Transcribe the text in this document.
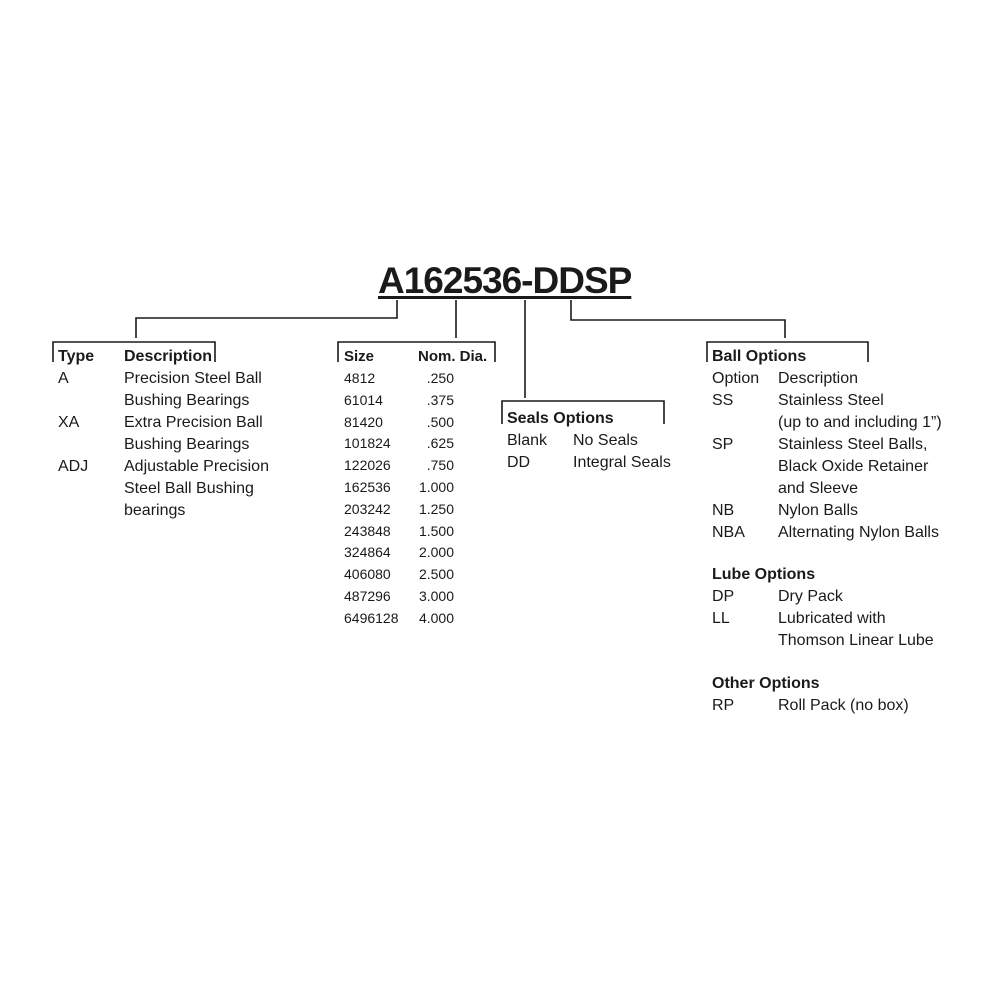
A162536-DDSP
Type Description
A	Precision Steel Ball
Bushing Bearings
XA	Extra Precision Ball
Bushing Bearings
ADJ	Adjustable Precision
Steel Ball Bushing
bearings
Size	Nom. Dia.
4812	.250
61014	.375
81420	.500
101824	.625
122026	.750
162536	1.000
203242	1.250
243848	1.500
324864	2.000
406080	2.500
487296	3.000
6496128	4.000
Seals Options
Blank	No Seals
DD	Integral Seals
Ball Options
Option	Description
SS	Stainless Steel
(up to and including 1”)
SP	Stainless Steel Balls,
Black Oxide Retainer
and Sleeve
NB	Nylon Balls
NBA	Alternating Nylon Balls
Lube Options
DP	Dry Pack
LL	Lubricated with
Thomson Linear Lube
Other Options
RP	Roll Pack (no box)
